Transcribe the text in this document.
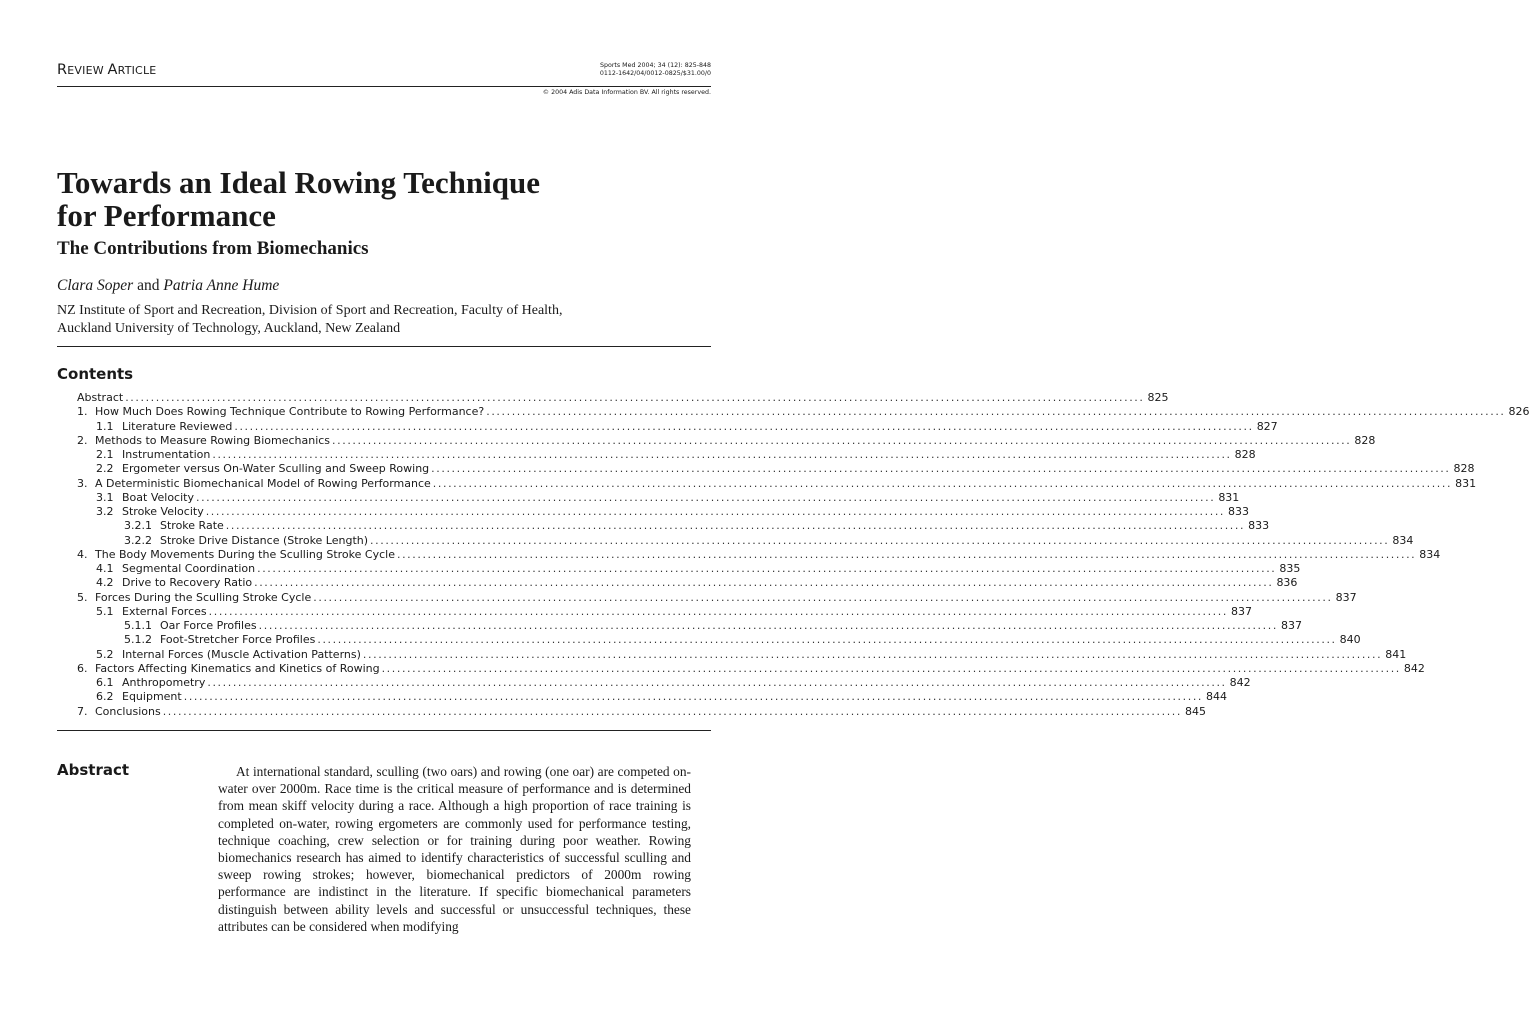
REVIEW ARTICLE	Sports Med 2004; 34 (12): 825-848
0112-1642/04/0012-0825/$31.00/0
© 2004 Adis Data Information BV. All rights reserved.
Towards an Ideal Rowing Technique
for Performance
The Contributions from Biomechanics
Clara Soper and Patria Anne Hume
NZ Institute of Sport and Recreation, Division of Sport and Recreation, Faculty of Health,
Auckland University of Technology, Auckland, New Zealand
Contents
Abstract ........................................................................................................................................................................................................ 825
1. How Much Does Rowing Technique Contribute to Rowing Performance? ........................................................................................................................................................................................................ 826
1.1 Literature Reviewed ........................................................................................................................................................................................................ 827
2. Methods to Measure Rowing Biomechanics ........................................................................................................................................................................................................ 828
2.1 Instrumentation ........................................................................................................................................................................................................ 828
2.2 Ergometer versus On-Water Sculling and Sweep Rowing ........................................................................................................................................................................................................ 828
3. A Deterministic Biomechanical Model of Rowing Performance ........................................................................................................................................................................................................ 831
3.1 Boat Velocity ........................................................................................................................................................................................................ 831
3.2 Stroke Velocity ........................................................................................................................................................................................................ 833
3.2.1 Stroke Rate ........................................................................................................................................................................................................ 833
3.2.2 Stroke Drive Distance (Stroke Length) ........................................................................................................................................................................................................ 834
4. The Body Movements During the Sculling Stroke Cycle ........................................................................................................................................................................................................ 834
4.1 Segmental Coordination ........................................................................................................................................................................................................ 835
4.2 Drive to Recovery Ratio ........................................................................................................................................................................................................ 836
5. Forces During the Sculling Stroke Cycle ........................................................................................................................................................................................................ 837
5.1 External Forces ........................................................................................................................................................................................................ 837
5.1.1 Oar Force Profiles ........................................................................................................................................................................................................ 837
5.1.2 Foot-Stretcher Force Profiles ........................................................................................................................................................................................................ 840
5.2 Internal Forces (Muscle Activation Patterns) ........................................................................................................................................................................................................ 841
6. Factors Affecting Kinematics and Kinetics of Rowing ........................................................................................................................................................................................................ 842
6.1 Anthropometry ........................................................................................................................................................................................................ 842
6.2 Equipment ........................................................................................................................................................................................................ 844
7. Conclusions ........................................................................................................................................................................................................ 845
Abstract	At international standard, sculling (two oars) and rowing (one oar) are competed on-water over 2000m. Race time is the critical measure of performance and is determined from mean skiff velocity during a race. Although a high proportion of race training is completed on-water, rowing ergometers are commonly used for performance testing, technique coaching, crew selection or for training during poor weather. Rowing biomechanics research has aimed to identify characteristics of successful sculling and sweep rowing strokes; however, biomechanical predictors of 2000m rowing performance are indistinct in the literature. If specific biomechanical parameters distinguish between ability levels and successful or unsuccessful techniques, these attributes can be considered when modifying
